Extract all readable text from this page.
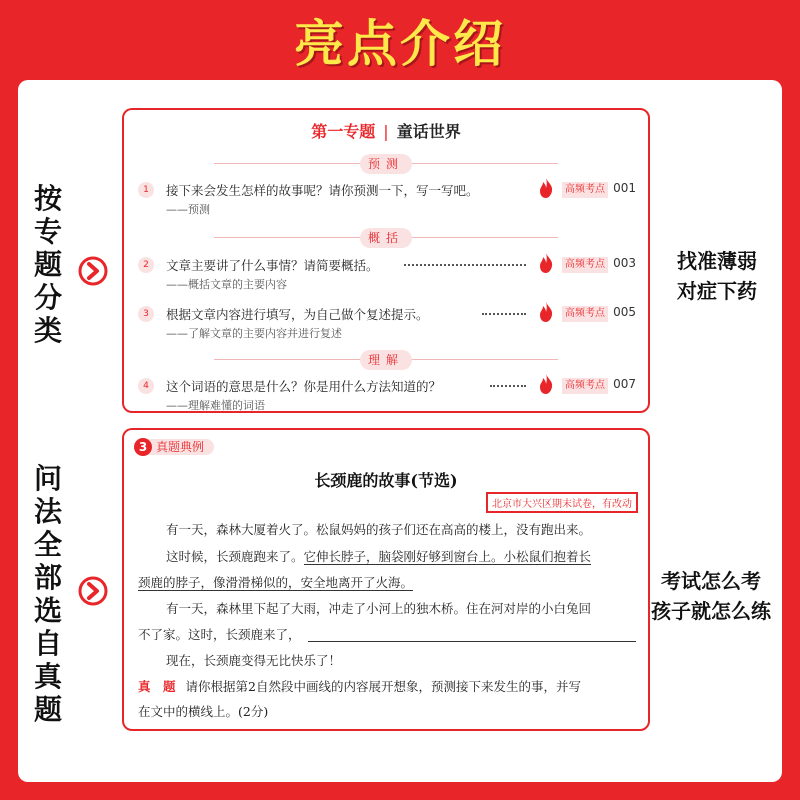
亮点介绍
按
专
题
分
类
找准薄弱
对症下药
问
法
全
部
选
自
真
题
考试怎么考
孩子就怎么练
第一专题 | 童话世界
预测
1	接下来会发生怎样的故事呢？请你预测一下，写一写吧。
——预测
高频考点 001
概括
2	文章主要讲了什么事情？请简要概括。
——概括文章的主要内容
高频考点 003
3	根据文章内容进行填写，为自己做个复述提示。
——了解文章的主要内容并进行复述
高频考点 005
理解
4	这个词语的意思是什么？你是用什么方法知道的？
——理解难懂的词语
高频考点 007
3 真题典例
长颈鹿的故事(节选)
北京市大兴区期末试卷，有改动
有一天，森林大厦着火了。松鼠妈妈的孩子们还在高高的楼上，没有跑出来。
这时候，长颈鹿跑来了。它伸长脖子，脑袋刚好够到窗台上。小松鼠们抱着长
颈鹿的脖子，像滑滑梯似的，安全地离开了火海。
有一天，森林里下起了大雨，冲走了小河上的独木桥。住在河对岸的小白兔回
不了家。这时，长颈鹿来了，
现在，长颈鹿变得无比快乐了！
真　题 请你根据第2自然段中画线的内容展开想象，预测接下来发生的事，并写
在文中的横线上。(2分)
